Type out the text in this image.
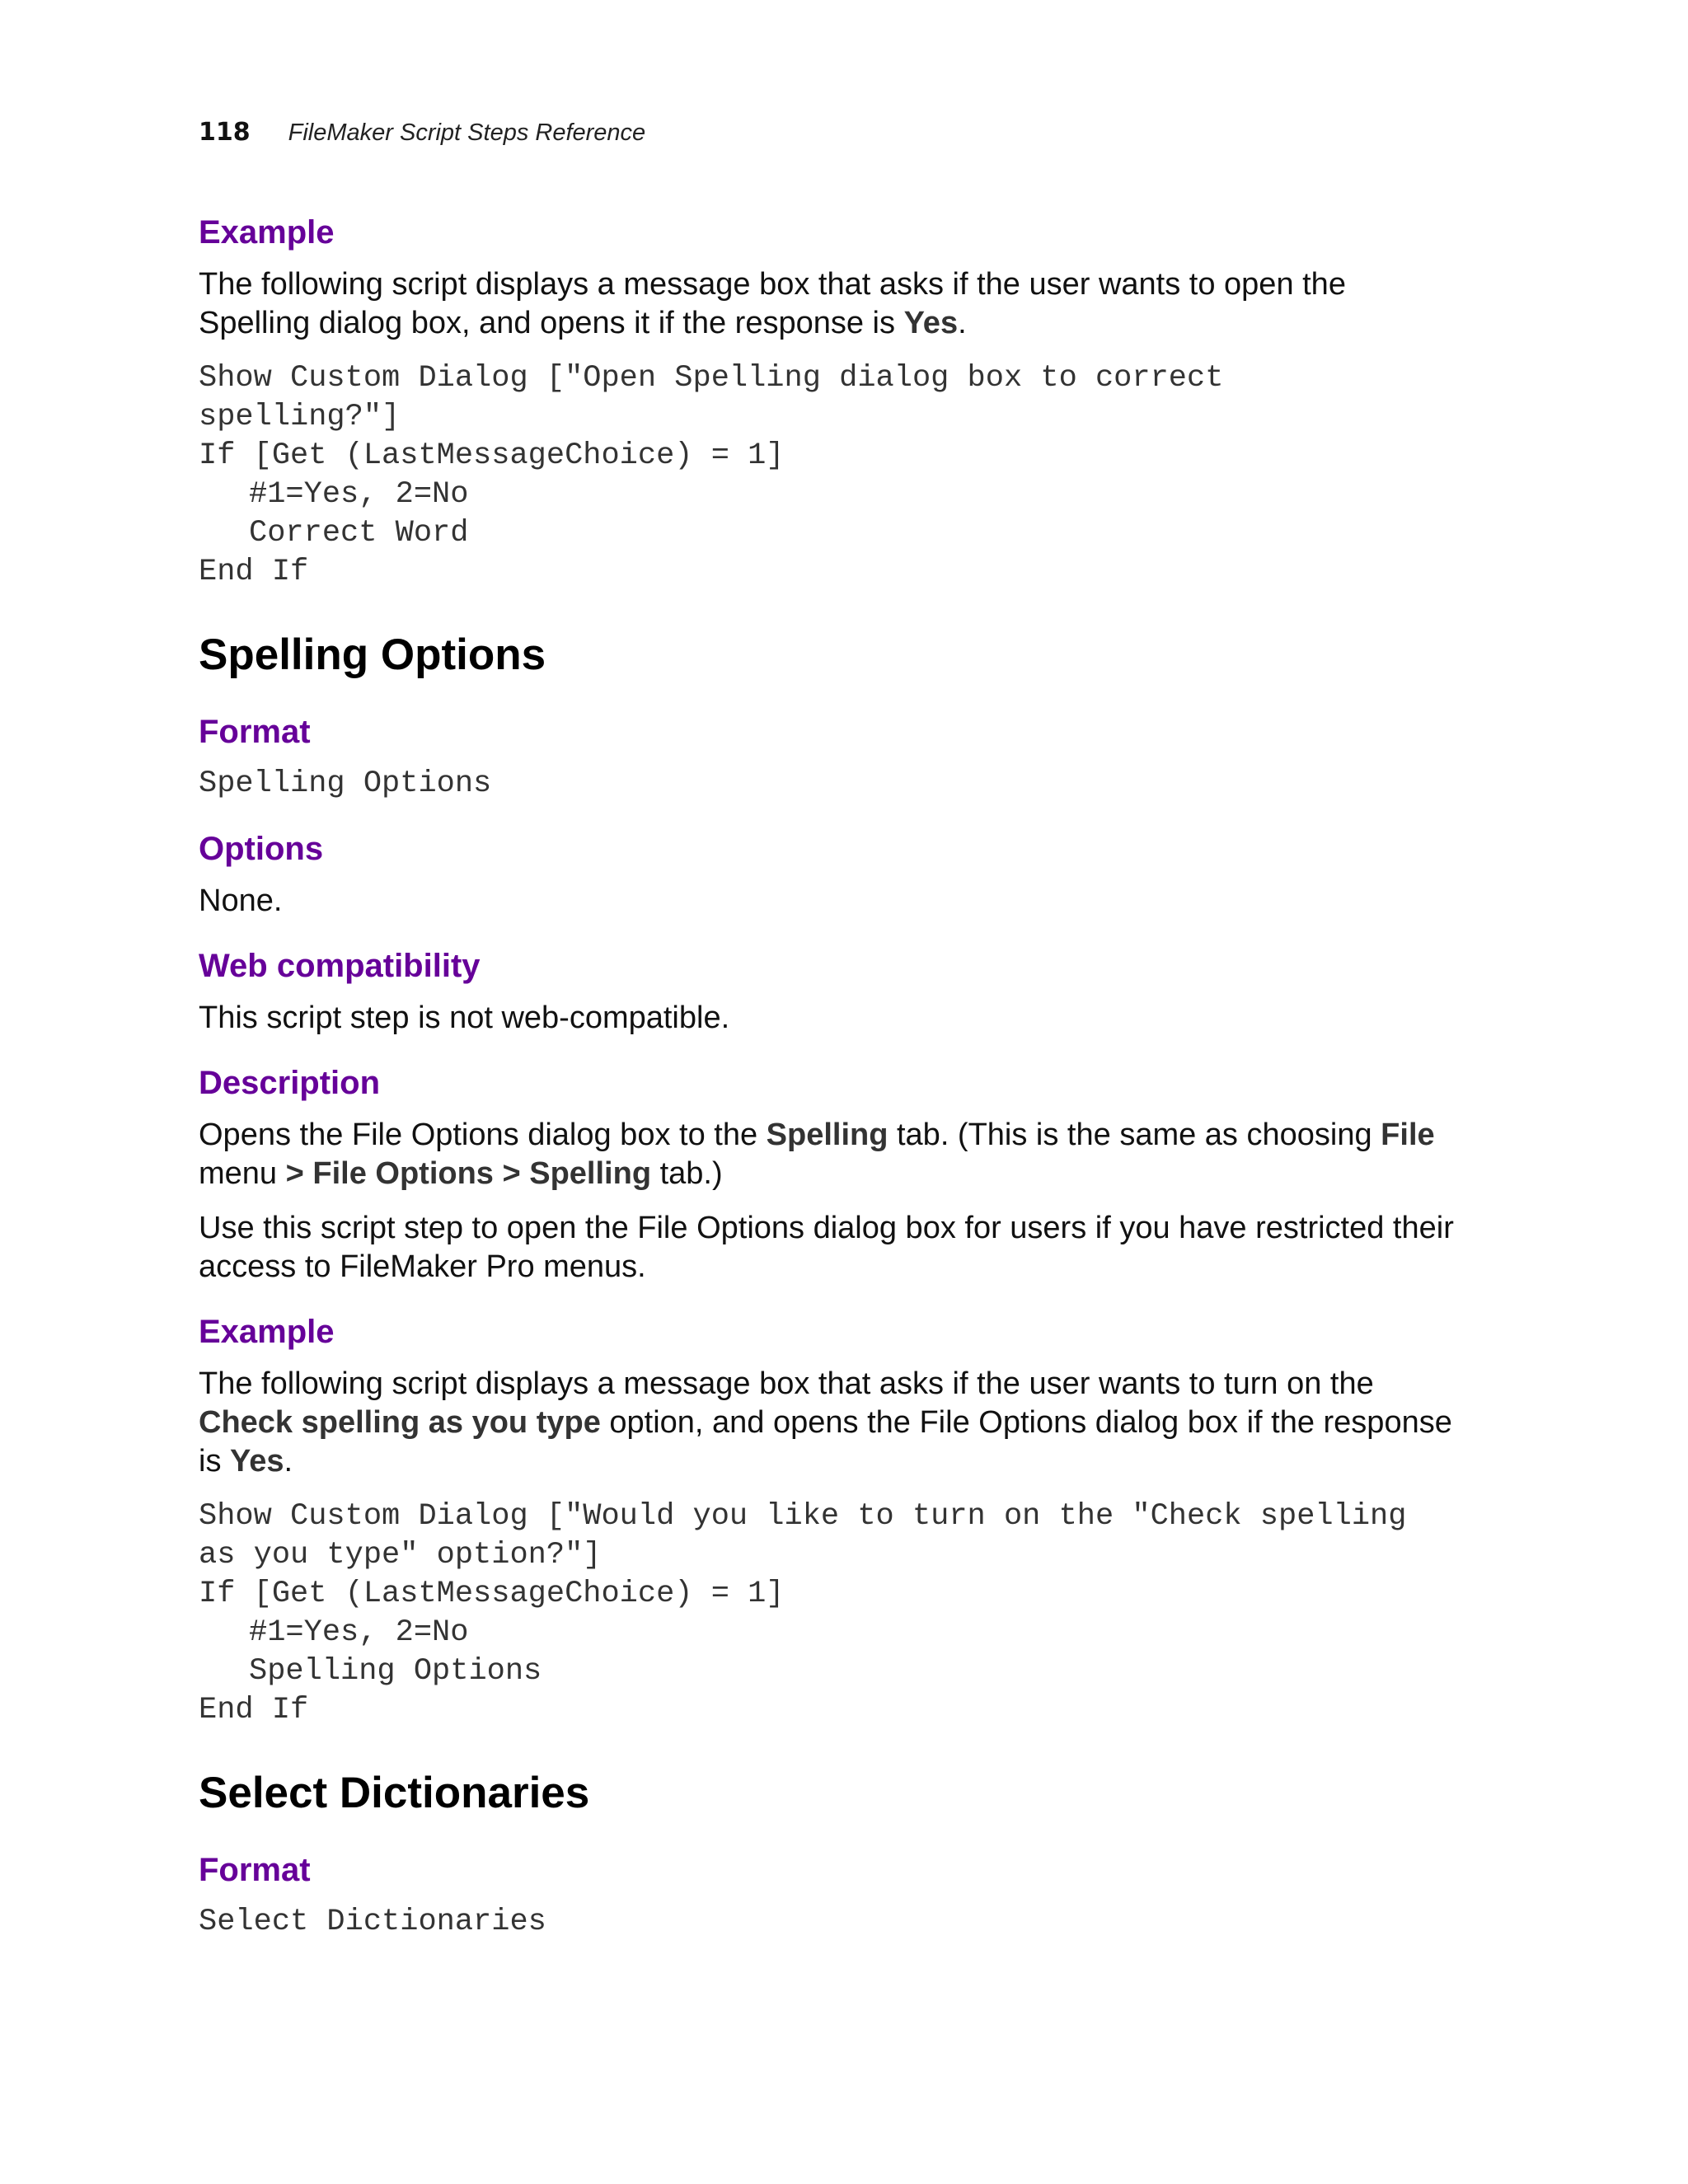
118 FileMaker Script Steps Reference
Example

The following script displays a message box that asks if the user wants to open the
Spelling dialog box, and opens it if the response is Yes.

Show Custom Dialog ["Open Spelling dialog box to correct
spelling?"]
If [Get (LastMessageChoice) = 1]
#1=Yes, 2=No
Correct Word
End If
Spelling Options
Format
Spelling Options
Options

None.

Web compatibility

This script step is not web-compatible.

Description

Opens the File Options dialog box to the Spelling tab. (This is the same as choosing File
menu > File Options > Spelling tab.)

Use this script step to open the File Options dialog box for users if you have restricted their
access to FileMaker Pro menus.

Example

The following script displays a message box that asks if the user wants to turn on the
Check spelling as you type option, and opens the File Options dialog box if the response
is Yes.

Show Custom Dialog ["Would you like to turn on the "Check spelling
as you type" option?"]
If [Get (LastMessageChoice) = 1]
#1=Yes, 2=No
Spelling Options
End If
Select Dictionaries
Format
Select Dictionaries
